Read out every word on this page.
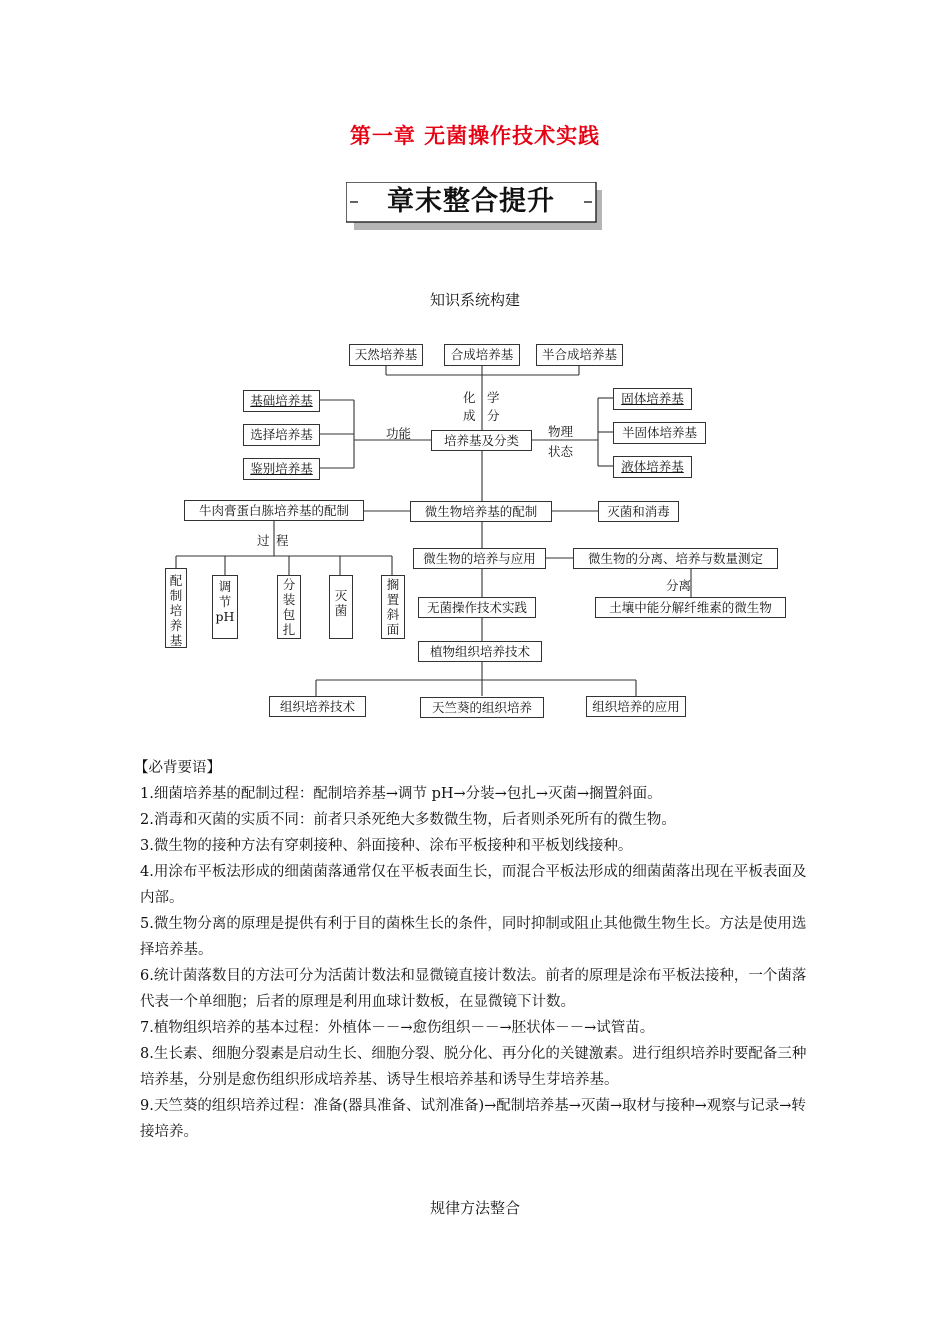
第一章 无菌操作技术实践
章末整合提升
知识系统构建
天然培养基	合成培养基	半合成培养基
化
成
学
分
基础培养基
选择培养基
鉴别培养基
功能	培养基及分类
物理
状态
固体培养基
半固体培养基
液体培养基
牛肉膏蛋白胨培养基的配制	微生物培养基的配制	灭菌和消毒
过 程
配
制
培
养
基
调
节
pH
分
装
包
扎
灭
菌
搁
置
斜
面
微生物的培养与应用	微生物的分离、培养与数量测定
分离
土壤中能分解纤维素的微生物
无菌操作技术实践
植物组织培养技术
组织培养技术	天竺葵的组织培养	组织培养的应用

【必背要语】

1.细菌培养基的配制过程：配制培养基→调节 pH→分装→包扎→灭菌→搁置斜面。

2.消毒和灭菌的实质不同：前者只杀死绝大多数微生物，后者则杀死所有的微生物。

3.微生物的接种方法有穿刺接种、斜面接种、涂布平板接种和平板划线接种。

4.用涂布平板法形成的细菌菌落通常仅在平板表面生长，而混合平板法形成的细菌菌落出现在平板表面及内部。

5.微生物分离的原理是提供有利于目的菌株生长的条件，同时抑制或阻止其他微生物生长。方法是使用选择培养基。

6.统计菌落数目的方法可分为活菌计数法和显微镜直接计数法。前者的原理是涂布平板法接种，一个菌落代表一个单细胞；后者的原理是利用血球计数板，在显微镜下计数。

7.植物组织培养的基本过程：外植体－－→愈伤组织－－→胚状体－－→试管苗。

8.生长素、细胞分裂素是启动生长、细胞分裂、脱分化、再分化的关键激素。进行组织培养时要配备三种培养基，分别是愈伤组织形成培养基、诱导生根培养基和诱导生芽培养基。

9.天竺葵的组织培养过程：准备(器具准备、试剂准备)→配制培养基→灭菌→取材与接种→观察与记录→转接培养。

规律方法整合
